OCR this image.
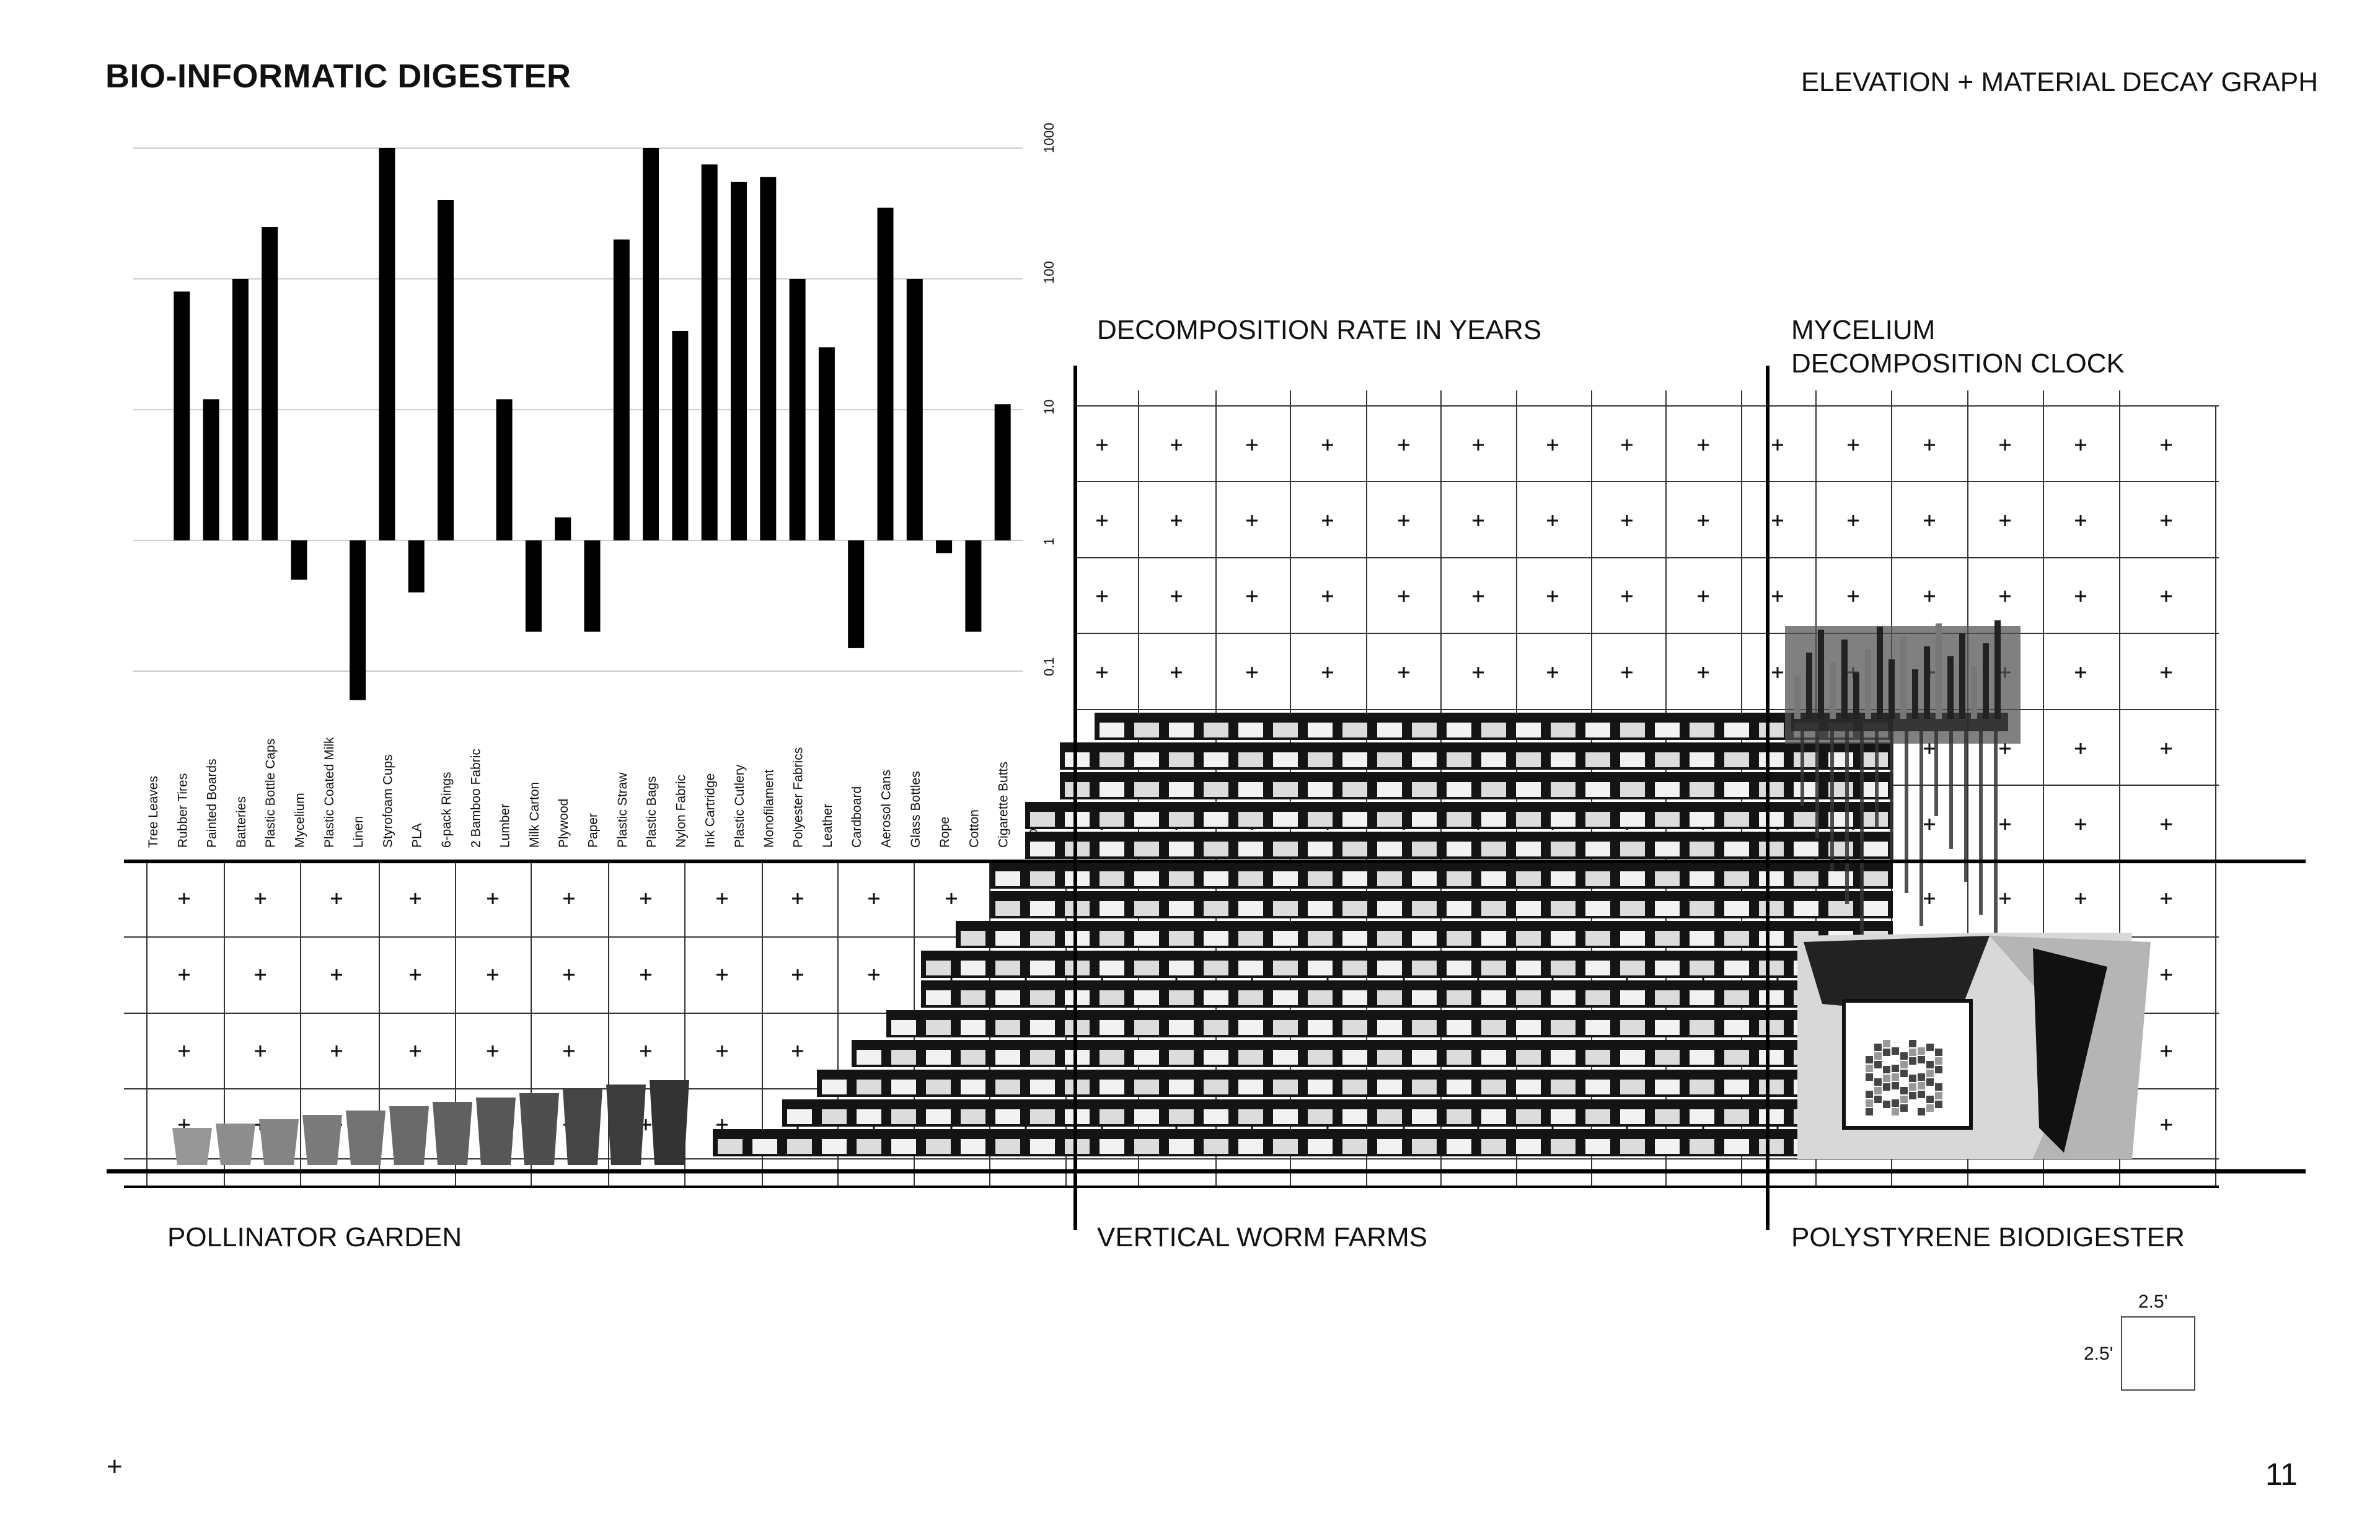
BIO-INFORMATIC DIGESTER	ELEVATION + MATERIAL DECAY GRAPH
0.1
1
10
100
1000
Tree Leaves Rubber Tires Painted Boards Batteries Plastic Bottle Caps Mycelium Plastic Coated Milk Linen Styrofoam Cups PLA 6-pack Rings 2 Bamboo Fabric Lumber Milk Carton Plywood Paper Plastic Straw Plastic Bags Nylon Fabric Ink Cartridge Plastic Cutlery Monofilament Polyester Fabrics Leather Cardboard Aerosol Cans Glass Bottles Rope Cotton Cigarette Butts
DECOMPOSITION RATE IN YEARS	MYCELIUM
DECOMPOSITION CLOCK
POLLINATOR GARDEN	VERTICAL WORM FARMS	POLYSTYRENE BIODIGESTER
2.5'
2.5'
+	11
